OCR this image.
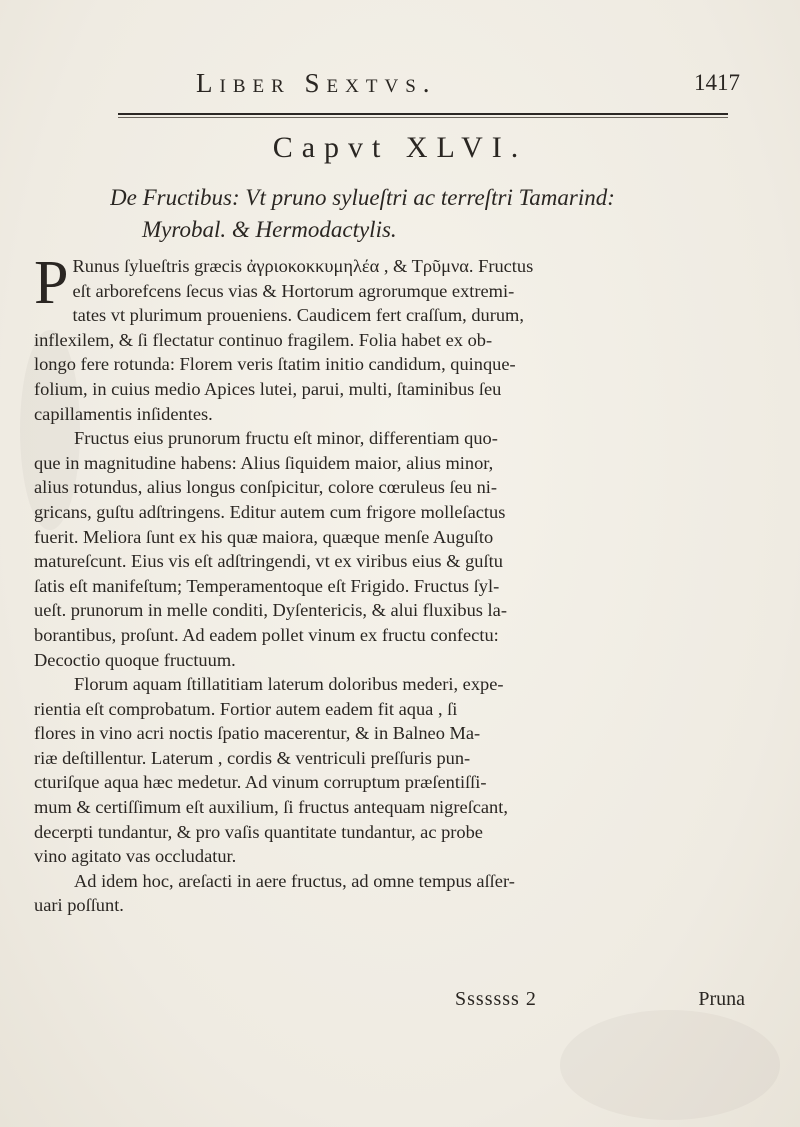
Liber Sextvs.	1417
Capvt XLVI.
De Fructibus: Vt pruno sylueſtri ac terreſtri Tamarind:
Myrobal. & Hermodactylis.
P Runus ſylueſtris græcis ἀγριοκοκκυμηλέα , & Τρῦμνα. Fructus
eſt arborefcens ſecus vias & Hortorum agrorumque extremi-
tates vt plurimum proueniens. Caudicem fert craſſum, durum,
inflexilem, & ſi flectatur continuo fragilem. Folia habet ex ob-
longo fere rotunda: Florem veris ſtatim initio candidum, quinque-
folium, in cuius medio Apices lutei, parui, multi, ſtaminibus ſeu
capillamentis inſidentes.
Fructus eius prunorum fructu eſt minor, differentiam quo-
que in magnitudine habens: Alius ſiquidem maior, alius minor,
alius rotundus, alius longus conſpicitur, colore cœruleus ſeu ni-
gricans, guſtu adſtringens. Editur autem cum frigore molleſactus
fuerit. Meliora ſunt ex his quæ maiora, quæque menſe Auguſto
matureſcunt. Eius vis eſt adſtringendi, vt ex viribus eius & guſtu
ſatis eſt manifeſtum; Temperamentoque eſt Frigido. Fructus ſyl-
ueſt. prunorum in melle conditi, Dyſentericis, & alui fluxibus la-
borantibus, proſunt. Ad eadem pollet vinum ex fructu confectu:
Decoctio quoque fructuum.
Florum aquam ſtillatitiam laterum doloribus mederi, expe-
rientia eſt comprobatum. Fortior autem eadem fit aqua , ſi
flores in vino acri noctis ſpatio macerentur, & in Balneo Ma-
riæ deſtillentur. Laterum , cordis & ventriculi preſſuris pun-
cturiſque aqua hæc medetur. Ad vinum corruptum præſentiſſi-
mum & certiſſimum eſt auxilium, ſi fructus antequam nigreſcant,
decerpti tundantur, & pro vaſis quantitate tundantur, ac probe
vino agitato vas occludatur.
Ad idem hoc, areſacti in aere fructus, ad omne tempus aſſer-
uari poſſunt.
Sssssss 2	Pruna
